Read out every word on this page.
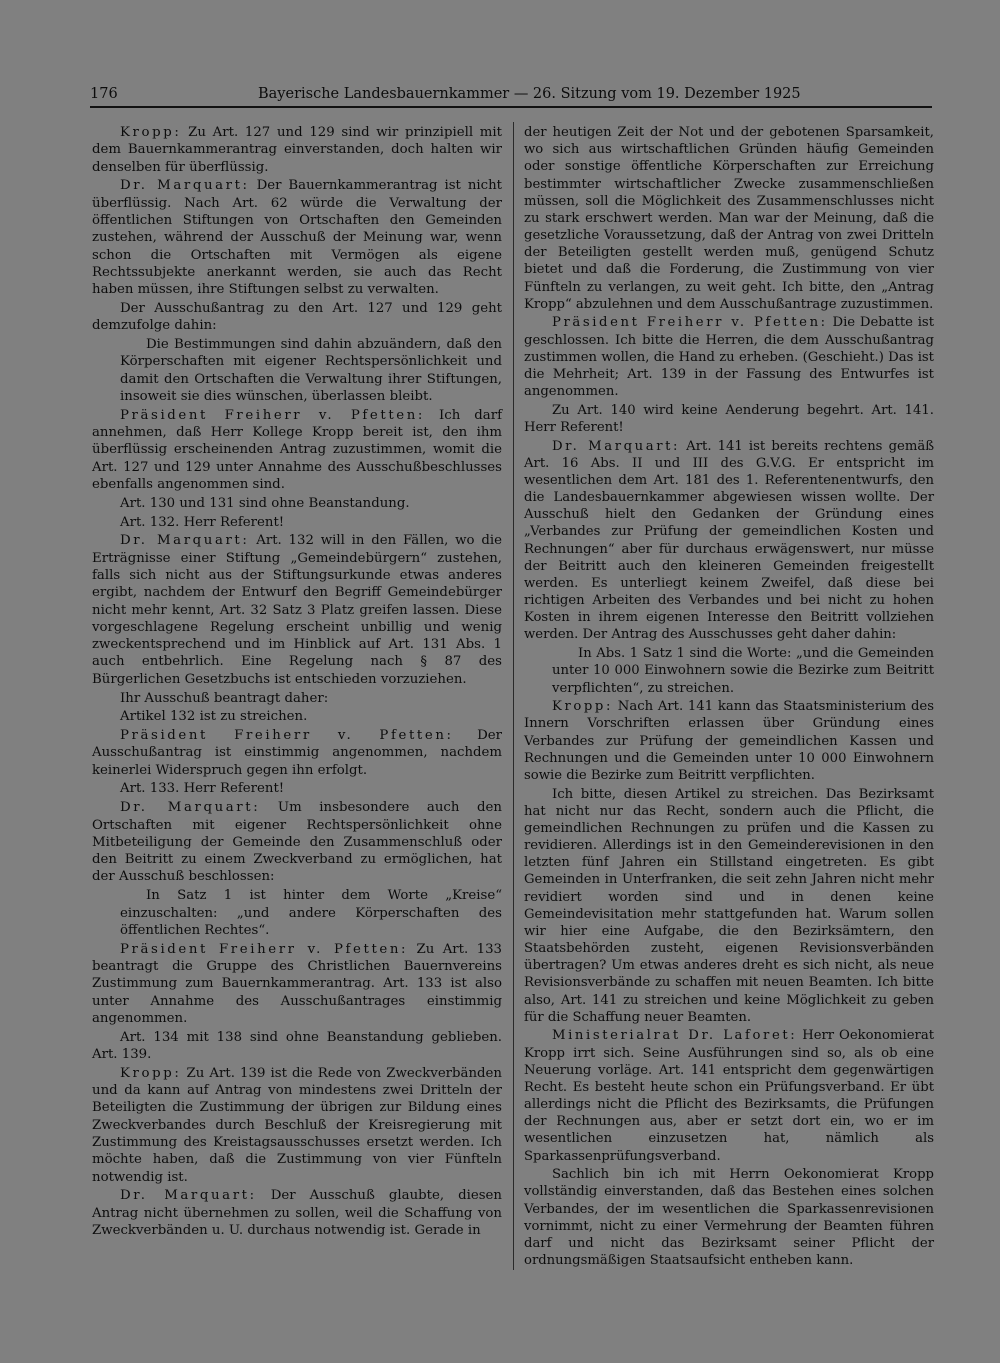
176	Bayerische Landesbauernkammer — 26. Sitzung vom 19. Dezember 1925

Kropp: Zu Art. 127 und 129 sind wir prinzipiell mit dem Bauernkammerantrag einverstanden, doch halten wir denselben für überflüssig.

Dr. Marquart: Der Bauernkammerantrag ist nicht überflüssig. Nach Art. 62 würde die Verwaltung der öffentlichen Stiftungen von Ortschaften den Gemeinden zustehen, während der Ausschuß der Meinung war, wenn schon die Ortschaften mit Vermögen als eigene Rechtssubjekte anerkannt werden, sie auch das Recht haben müssen, ihre Stiftungen selbst zu verwalten.

Der Ausschußantrag zu den Art. 127 und 129 geht demzufolge dahin:

Die Bestimmungen sind dahin abzuändern, daß den Körperschaften mit eigener Rechtspersönlichkeit und damit den Ortschaften die Verwaltung ihrer Stiftungen, insoweit sie dies wünschen, überlassen bleibt.

Präsident Freiherr v. Pfetten: Ich darf annehmen, daß Herr Kollege Kropp bereit ist, den ihm überflüssig erscheinenden Antrag zuzustimmen, womit die Art. 127 und 129 unter Annahme des Ausschußbeschlusses ebenfalls angenommen sind.

Art. 130 und 131 sind ohne Beanstandung.

Art. 132. Herr Referent!

Dr. Marquart: Art. 132 will in den Fällen, wo die Erträgnisse einer Stiftung „Gemeindebürgern“ zustehen, falls sich nicht aus der Stiftungsurkunde etwas anderes ergibt, nachdem der Entwurf den Begriff Gemeindebürger nicht mehr kennt, Art. 32 Satz 3 Platz greifen lassen. Diese vorgeschlagene Regelung erscheint unbillig und wenig zweckentsprechend und im Hinblick auf Art. 131 Abs. 1 auch entbehrlich. Eine Regelung nach § 87 des Bürgerlichen Gesetzbuchs ist entschieden vorzuziehen.

Ihr Ausschuß beantragt daher:

Artikel 132 ist zu streichen.

Präsident Freiherr v. Pfetten: Der Ausschußantrag ist einstimmig angenommen, nachdem keinerlei Widerspruch gegen ihn erfolgt.

Art. 133. Herr Referent!

Dr. Marquart: Um insbesondere auch den Ortschaften mit eigener Rechtspersönlichkeit ohne Mitbeteiligung der Gemeinde den Zusammenschluß oder den Beitritt zu einem Zweckverband zu ermöglichen, hat der Ausschuß beschlossen:

In Satz 1 ist hinter dem Worte „Kreise“ einzuschalten: „und andere Körperschaften des öffentlichen Rechtes“.

Präsident Freiherr v. Pfetten: Zu Art. 133 beantragt die Gruppe des Christlichen Bauernvereins Zustimmung zum Bauernkammerantrag. Art. 133 ist also unter Annahme des Ausschußantrages einstimmig angenommen.

Art. 134 mit 138 sind ohne Beanstandung geblieben. Art. 139.

Kropp: Zu Art. 139 ist die Rede von Zweckverbänden und da kann auf Antrag von mindestens zwei Dritteln der Beteiligten die Zustimmung der übrigen zur Bildung eines Zweckverbandes durch Beschluß der Kreisregierung mit Zustimmung des Kreistagsausschusses ersetzt werden. Ich möchte haben, daß die Zustimmung von vier Fünfteln notwendig ist.

Dr. Marquart: Der Ausschuß glaubte, diesen Antrag nicht übernehmen zu sollen, weil die Schaffung von Zweckverbänden u. U. durchaus notwendig ist. Gerade in

der heutigen Zeit der Not und der gebotenen Sparsamkeit, wo sich aus wirtschaftlichen Gründen häufig Gemeinden oder sonstige öffentliche Körperschaften zur Erreichung bestimmter wirtschaftlicher Zwecke zusammenschließen müssen, soll die Möglichkeit des Zusammenschlusses nicht zu stark erschwert werden. Man war der Meinung, daß die gesetzliche Voraussetzung, daß der Antrag von zwei Dritteln der Beteiligten gestellt werden muß, genügend Schutz bietet und daß die Forderung, die Zustimmung von vier Fünfteln zu verlangen, zu weit geht. Ich bitte, den „Antrag Kropp“ abzulehnen und dem Ausschußantrage zuzustimmen.

Präsident Freiherr v. Pfetten: Die Debatte ist geschlossen. Ich bitte die Herren, die dem Ausschußantrag zustimmen wollen, die Hand zu erheben. (Geschieht.) Das ist die Mehrheit; Art. 139 in der Fassung des Entwurfes ist angenommen.

Zu Art. 140 wird keine Aenderung begehrt. Art. 141. Herr Referent!

Dr. Marquart: Art. 141 ist bereits rechtens gemäß Art. 16 Abs. II und III des G.V.G. Er entspricht im wesentlichen dem Art. 181 des 1. Referentenentwurfs, den die Landesbauernkammer abgewiesen wissen wollte. Der Ausschuß hielt den Gedanken der Gründung eines „Verbandes zur Prüfung der gemeindlichen Kosten und Rechnungen“ aber für durchaus erwägenswert, nur müsse der Beitritt auch den kleineren Gemeinden freigestellt werden. Es unterliegt keinem Zweifel, daß diese bei richtigen Arbeiten des Verbandes und bei nicht zu hohen Kosten in ihrem eigenen Interesse den Beitritt vollziehen werden. Der Antrag des Ausschusses geht daher dahin:

In Abs. 1 Satz 1 sind die Worte: „und die Gemeinden unter 10 000 Einwohnern sowie die Bezirke zum Beitritt verpflichten“, zu streichen.

Kropp: Nach Art. 141 kann das Staatsministerium des Innern Vorschriften erlassen über Gründung eines Verbandes zur Prüfung der gemeindlichen Kassen und Rechnungen und die Gemeinden unter 10 000 Einwohnern sowie die Bezirke zum Beitritt verpflichten.

Ich bitte, diesen Artikel zu streichen. Das Bezirksamt hat nicht nur das Recht, sondern auch die Pflicht, die gemeindlichen Rechnungen zu prüfen und die Kassen zu revidieren. Allerdings ist in den Gemeinderevisionen in den letzten fünf Jahren ein Stillstand eingetreten. Es gibt Gemeinden in Unterfranken, die seit zehn Jahren nicht mehr revidiert worden sind und in denen keine Gemeindevisitation mehr stattgefunden hat. Warum sollen wir hier eine Aufgabe, die den Bezirksämtern, den Staatsbehörden zusteht, eigenen Revisionsverbänden übertragen? Um etwas anderes dreht es sich nicht, als neue Revisionsverbände zu schaffen mit neuen Beamten. Ich bitte also, Art. 141 zu streichen und keine Möglichkeit zu geben für die Schaffung neuer Beamten.

Ministerialrat Dr. Laforet: Herr Oekonomierat Kropp irrt sich. Seine Ausführungen sind so, als ob eine Neuerung vorläge. Art. 141 entspricht dem gegenwärtigen Recht. Es besteht heute schon ein Prüfungsverband. Er übt allerdings nicht die Pflicht des Bezirksamts, die Prüfungen der Rechnungen aus, aber er setzt dort ein, wo er im wesentlichen einzusetzen hat, nämlich als Sparkassenprüfungsverband.

Sachlich bin ich mit Herrn Oekonomierat Kropp vollständig einverstanden, daß das Bestehen eines solchen Verbandes, der im wesentlichen die Sparkassenrevisionen vornimmt, nicht zu einer Vermehrung der Beamten führen darf und nicht das Bezirksamt seiner Pflicht der ordnungsmäßigen Staatsaufsicht entheben kann.
